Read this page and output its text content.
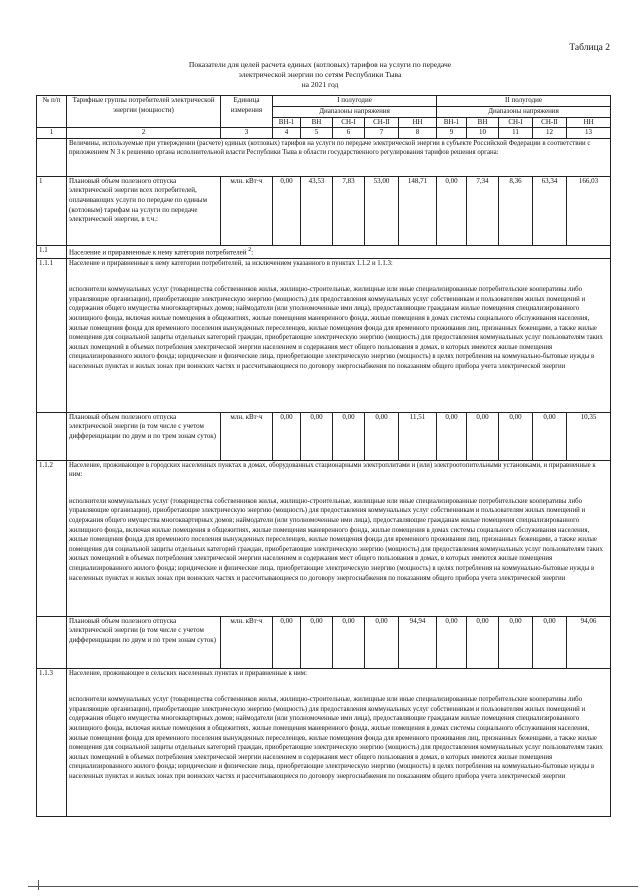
Таблица 2
Показатели для целей расчета единых (котловых) тарифов на услуги по передаче
электрической энергии по сетям Республики Тыва
на 2021 год
№ п/п	Тарифные группы потребителей электрической энергии (мощности)	Единица измерения	I полугодие					II полугодие				
			Диапазоны напряжения					Диапазоны напряжения				
			ВН-1	ВН	СН-I	СН-II	НН	ВН-1	ВН	СН-I	СН-II	НН
1	2	3	4	5	6	7	8	9	10	11	12	13
	Величины, используемые при утверждении (расчете) единых (котловых) тарифов на услуги по передаче электрической энергии в субъекте Российской Федерации в соответствии с приложением N 3 к решению органа исполнительной власти Республики Тыва в области государственного регулирования тарифов решения органа:											
1	Плановый объем полезного отпуска электрической энергии всех потребителей, оплачивающих услуги по передаче по единым (котловым) тарифам на услуги по передаче электрической энергии, в т.ч.:	млн. кВт·ч	0,00	43,53	7,83	53,00	148,71	0,00	7,34	8,36	63,34	166,03
1.1	Население и приравненные к нему категории потребителей $^2$:											
1.1.1	Население и приравненные к нему категории потребителей, за исключением указанного в пунктах 1.1.2 и 1.1.3:
исполнители коммунальных услуг (товарищества собственников жилья, жилищно-строительные, жилищные или иные специализированные потребительские кооперативы либо управляющие организации), приобретающие электрическую энергию (мощность) для предоставления коммунальных услуг собственникам и пользователям жилых помещений и содержания общего имущества многоквартирных домов; наймодатели (или уполномоченные ими лица), предоставляющие гражданам жилые помещения специализированного жилищного фонда, включая жилые помещения в общежитиях, жилые помещения маневренного фонда, жилые помещения в домах системы социального обслуживания населения, жилые помещения фонда для временного поселения вынужденных переселенцев, жилые помещения фонда для временного проживания лиц, признанных беженцами, а также жилые помещения для социальной защиты отдельных категорий граждан, приобретающие электрическую энергию (мощность) для предоставления коммунальных услуг пользователям таких жилых помещений в объемах потребления электрической энергии населением и содержания мест общего пользования в домах, в которых имеются жилые помещения специализированного жилого фонда; юридические и физические лица, приобретающие электрическую энергию (мощность) в целях потребления на коммунально-бытовые нужды в населенных пунктах и жилых зонах при воинских частях и рассчитывающиеся по договору энергоснабжения по показаниям общего прибора учета электрической энергии											

	Плановый объем полезного отпуска электрической энергии (в том числе с учетом дифференциации по двум и по трем зонам суток)	млн. кВт·ч	0,00	0,00	0,00	0,00	11,51	0,00	0,00	0,00	0,00	10,35
1.1.2	Население, проживающее в городских населенных пунктах в домах, оборудованных стационарными электроплитами и (или) электроотопительными установками, и приравненные к ним:
исполнители коммунальных услуг (товарищества собственников жилья, жилищно-строительные, жилищные или иные специализированные потребительские кооперативы либо управляющие организации), приобретающие электрическую энергию (мощность) для предоставления коммунальных услуг собственникам и пользователям жилых помещений и содержания общего имущества многоквартирных домов; наймодатели (или уполномоченные ими лица), предоставляющие гражданам жилые помещения специализированного жилищного фонда, включая жилые помещения в общежитиях, жилые помещения маневренного фонда, жилые помещения в домах системы социального обслуживания населения, жилые помещения фонда для временного поселения вынужденных переселенцев, жилые помещения фонда для временного проживания лиц, признанных беженцами, а также жилые помещения для социальной защиты отдельных категорий граждан, приобретающие электрическую энергию (мощность) для предоставления коммунальных услуг пользователям таких жилых помещений в объемах потребления электрической энергии населением и содержания мест общего пользования в домах, в которых имеются жилые помещения специализированного жилого фонда; юридические и физические лица, приобретающие электрическую энергию (мощность) в целях потребления на коммунально-бытовые нужды в населенных пунктах и жилых зонах при воинских частях и рассчитывающиеся по договору энергоснабжения по показаниям общего прибора учета электрической энергии											

	Плановый объем полезного отпуска электрической энергии (в том числе с учетом дифференциации по двум и по трем зонам суток)	млн. кВт·ч	0,00	0,00	0,00	0,00	94,94	0,00	0,00	0,00	0,00	94,06
1.1.3	Население, проживающее в сельских населенных пунктах и приравненные к ним:
исполнители коммунальных услуг (товарищества собственников жилья, жилищно-строительные, жилищные или иные специализированные потребительские кооперативы либо управляющие организации), приобретающие электрическую энергию (мощность) для предоставления коммунальных услуг собственникам и пользователям жилых помещений и содержания общего имущества многоквартирных домов; наймодатели (или уполномоченные ими лица), предоставляющие гражданам жилые помещения специализированного жилищного фонда, включая жилые помещения в общежитиях, жилые помещения маневренного фонда, жилые помещения в домах системы социального обслуживания населения, жилые помещения фонда для временного поселения вынужденных переселенцев, жилые помещения фонда для временного проживания лиц, признанных беженцами, а также жилые помещения для социальной защиты отдельных категорий граждан, приобретающие электрическую энергию (мощность) для предоставления коммунальных услуг пользователям таких жилых помещений в объемах потребления электрической энергии населением и содержания мест общего пользования в домах, в которых имеются жилые помещения специализированного жилого фонда; юридические и физические лица, приобретающие электрическую энергию (мощность) в целях потребления на коммунально-бытовые нужды в населенных пунктах и жилых зонах при воинских частях и рассчитывающиеся по договору энергоснабжения по показаниям общего прибора учета электрической энергии											
